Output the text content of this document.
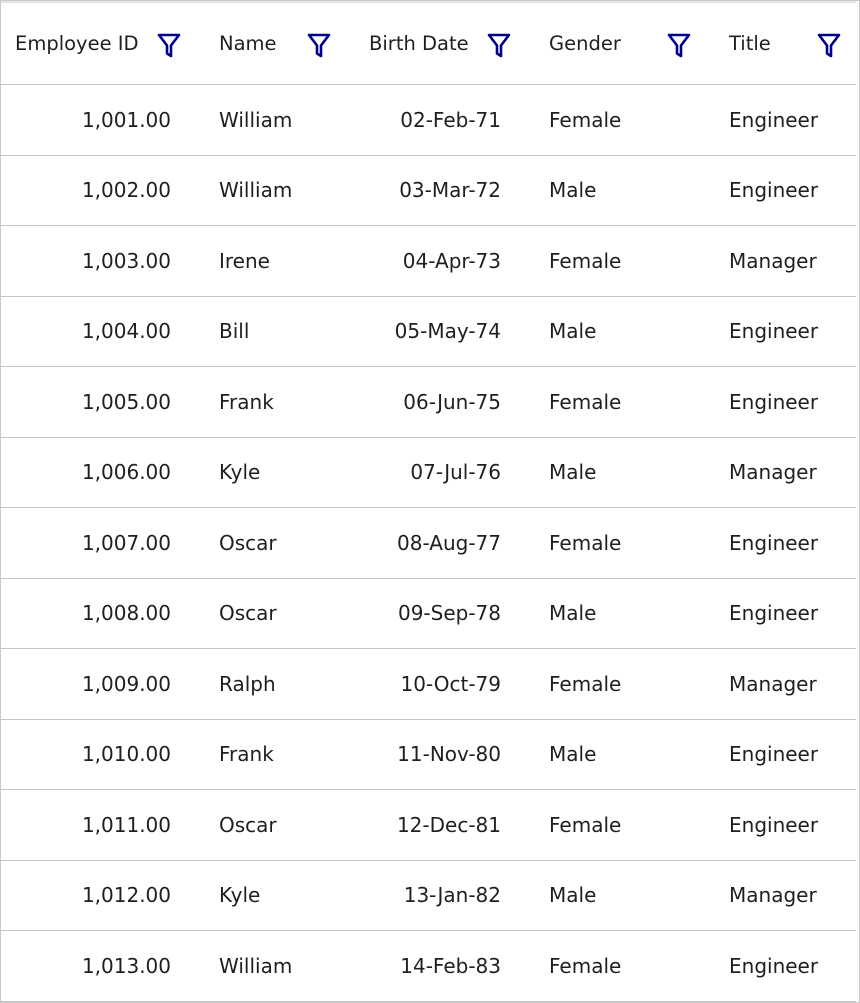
Employee ID	Name	Birth Date	Gender	Title
1,001.00 William	02-Feb-71 Female	Engineer
1,002.00 William	03-Mar-72 Male	Engineer
1,003.00 Irene	04-Apr-73 Female	Manager
1,004.00 Bill	05-May-74 Male	Engineer
1,005.00 Frank	06-Jun-75 Female	Engineer
1,006.00 Kyle	07-Jul-76 Male	Manager
1,007.00 Oscar	08-Aug-77 Female	Engineer
1,008.00 Oscar	09-Sep-78 Male	Engineer
1,009.00 Ralph	10-Oct-79 Female	Manager
1,010.00 Frank	11-Nov-80 Male	Engineer
1,011.00 Oscar	12-Dec-81 Female	Engineer
1,012.00 Kyle	13-Jan-82 Male	Manager
1,013.00 William	14-Feb-83 Female	Engineer
